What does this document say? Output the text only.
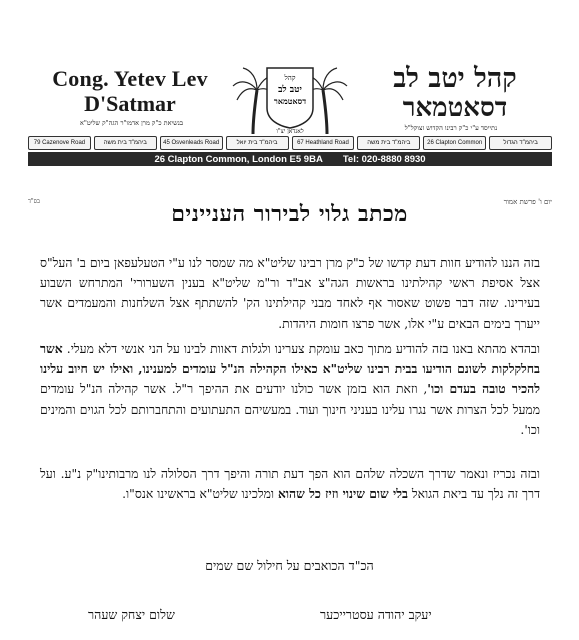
Cong. Yetev Lev
D'Satmar
בנשיאת כ"ק מרן אדמו"ר הגה"ק שליט"א
קהל
יטב לב
דסאטמאר
לאנדאן יצ"ו
קהל יטב לב
דסאטמאר
נתייסד ע"י כ"ק רבינו הקדוש זצוקל"ל
79 Cazenove Road	ביהמ"ד בית משה	45 Osvenleads Road	ביהמ"ד בית יואל	67 Heathland Road	ביהמ"ד בית משה	26 Clapton Common	ביהמ"ד הגדול
26 Clapton Common, London E5 9BA Tel: 020-8880 8930
יום ו' פרשת אמור
בס"ד	מכתב גלוי לבירור העניינים
בזה הננו להודיע חוות דעת קדשו של כ"ק מרן רבינו שליט"א מה שמסר לנו ע"י הטעלעפאן ביום ב' העל"ס אצל אסיפת ראשי קהילתינו בראשות הגה"צ אב"ד ור"מ שליט"א בענין השערורי' המתרחש השבוע בעירינו. שזה דבר פשוט שאסור אף לאחד מבני קהילתינו הק' להשתתף אצל השלחנות והמעמדים אשר ייערך בימים הבאים ע"י אלו, אשר פרצו חומות היהדות.
ובהדא מהתא באנו בזה להודיע מתוך כאב עומקת צערינו ולגלות דאוות לבינו על הני אנשי דלא מעלי. אשר בחלקלקות לשונם הודיעו בבית רבינו שליט"א כאילו הקהילה הנ"ל עומדים למענינו, ואילו יש חיוב עלינו להכיר טובה בעדם וכו', וזאת הוא בזמן אשר כולנו יודעים את ההיפך ר"ל. אשר קהילה הנ"ל עומדים ממעל לכל הצרות אשר נגרו עלינו בעניני חינוך ועוד. במעשיהם התעתועים והתחברותם לכל הגוים והמינים וכו'.
ובזה נכריז ונאמר שדרך השכלה שלהם הוא הפך דעת תורה והיפך דרך הסלולה לנו מרבותינו"ק נ"ע. ועל דרך זה נלך עד ביאת הגואל בלי שום שינוי וזיז כל שהוא ומלכינו שליט"א בראשינו אנס"ו.
הכ"ד הכואבים על חילול שם שמים
שלום יצחק שעהר	יעקב יהודה עסטרייכער
